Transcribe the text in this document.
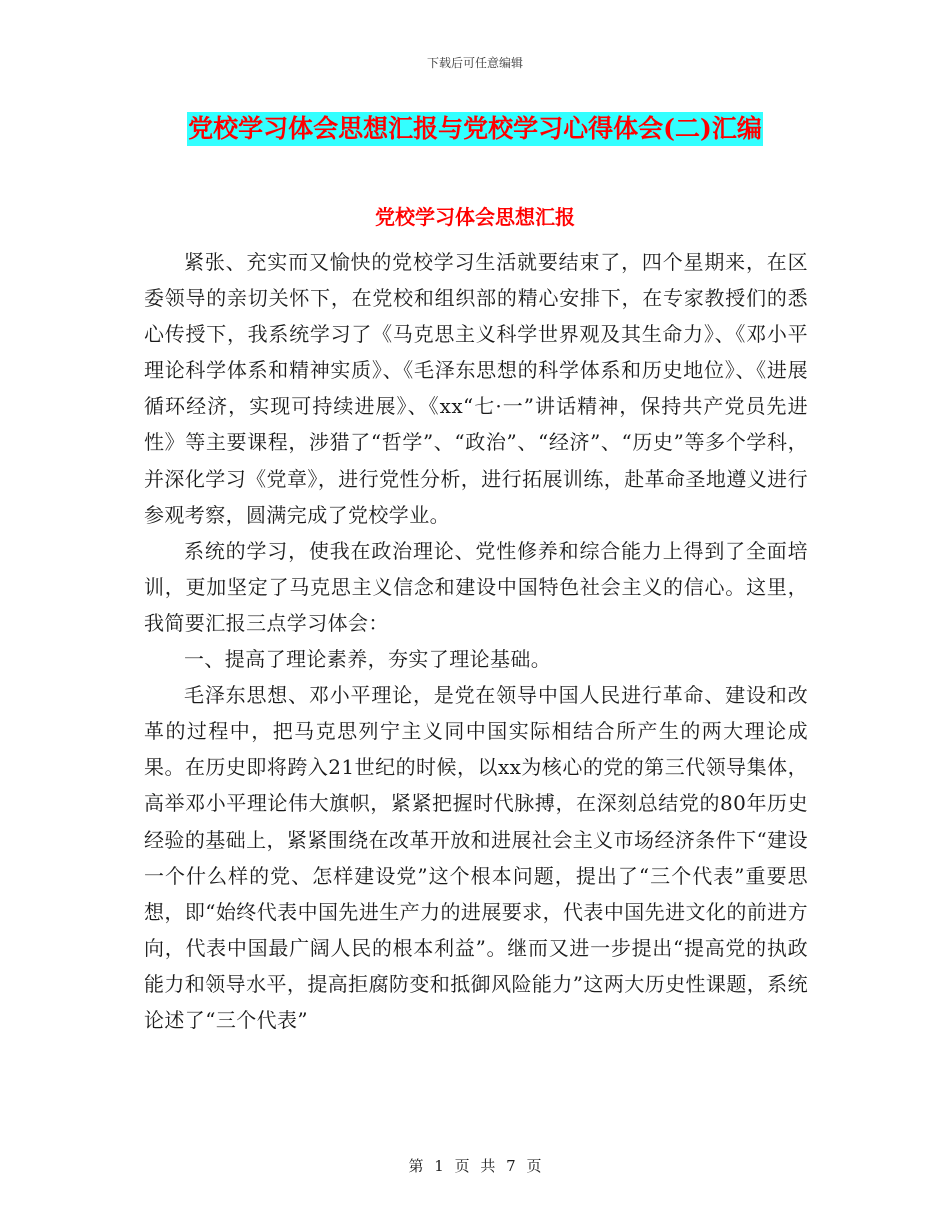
下载后可任意编辑
党校学习体会思想汇报与党校学习心得体会(二)汇编
党校学习体会思想汇报

紧张、充实而又愉快的党校学习生活就要结束了，四个星期来，在区委领导的亲切关怀下，在党校和组织部的精心安排下，在专家教授们的悉心传授下，我系统学习了《马克思主义科学世界观及其生命力》、《邓小平理论科学体系和精神实质》、《毛泽东思想的科学体系和历史地位》、《进展循环经济，实现可持续进展》、《xx“七·一”讲话精神，保持共产党员先进性》等主要课程，涉猎了“哲学”、“政治”、“经济”、“历史”等多个学科，并深化学习《党章》，进行党性分析，进行拓展训练，赴革命圣地遵义进行参观考察，圆满完成了党校学业。

系统的学习，使我在政治理论、党性修养和综合能力上得到了全面培训，更加坚定了马克思主义信念和建设中国特色社会主义的信心。这里，我简要汇报三点学习体会：

一、提高了理论素养，夯实了理论基础。

毛泽东思想、邓小平理论，是党在领导中国人民进行革命、建设和改革的过程中，把马克思列宁主义同中国实际相结合所产生的两大理论成果。在历史即将跨入21世纪的时候，以xx为核心的党的第三代领导集体，高举邓小平理论伟大旗帜，紧紧把握时代脉搏，在深刻总结党的80年历史经验的基础上，紧紧围绕在改革开放和进展社会主义市场经济条件下“建设一个什么样的党、怎样建设党”这个根本问题，提出了“三个代表”重要思想，即“始终代表中国先进生产力的进展要求，代表中国先进文化的前进方向，代表中国最广阔人民的根本利益”。继而又进一步提出“提高党的执政能力和领导水平，提高拒腐防变和抵御风险能力”这两大历史性课题，系统论述了“三个代表”

第 1 页 共 7 页
